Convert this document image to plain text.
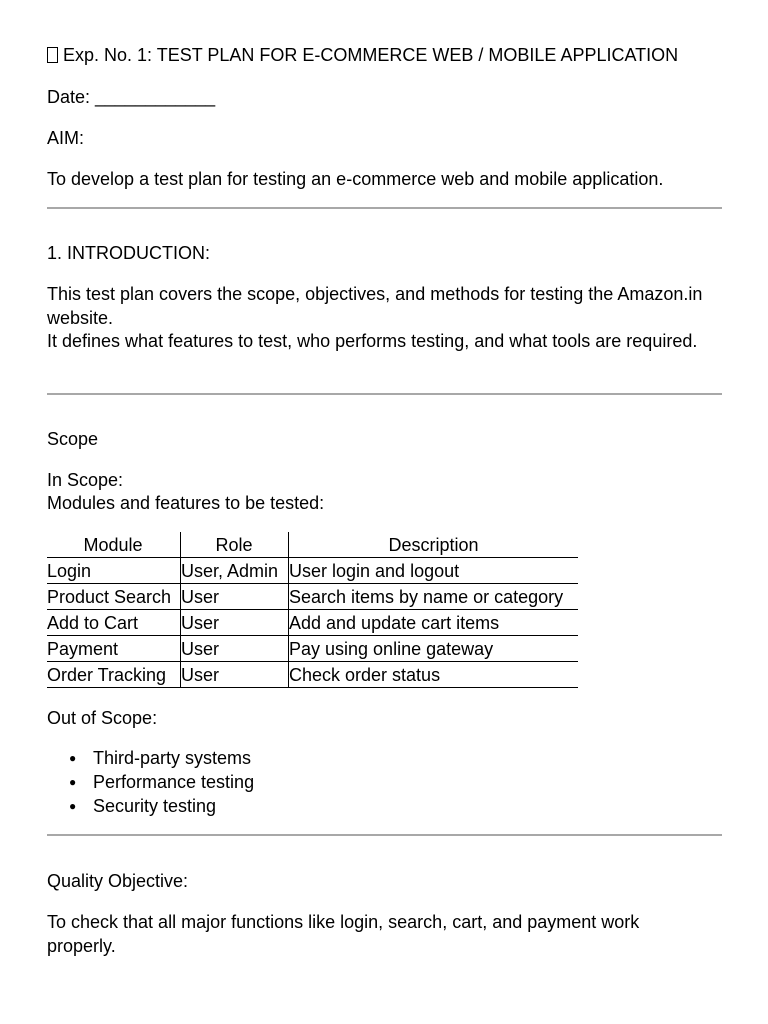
Exp. No. 1: TEST PLAN FOR E-COMMERCE WEB / MOBILE APPLICATION
Date: ____________
AIM:
To develop a test plan for testing an e-commerce web and mobile application.
1. INTRODUCTION:
This test plan covers the scope, objectives, and methods for testing the Amazon.in website.
It defines what features to test, who performs testing, and what tools are required.
Scope
In Scope:
Modules and features to be tested:
Module	Role	Description
Login	User, Admin	User login and logout
Product Search	User	Search items by name or category
Add to Cart	User	Add and update cart items
Payment	User	Pay using online gateway
Order Tracking	User	Check order status
Out of Scope:
● Third-party systems
● Performance testing
● Security testing
Quality Objective:
To check that all major functions like login, search, cart, and payment work properly.
